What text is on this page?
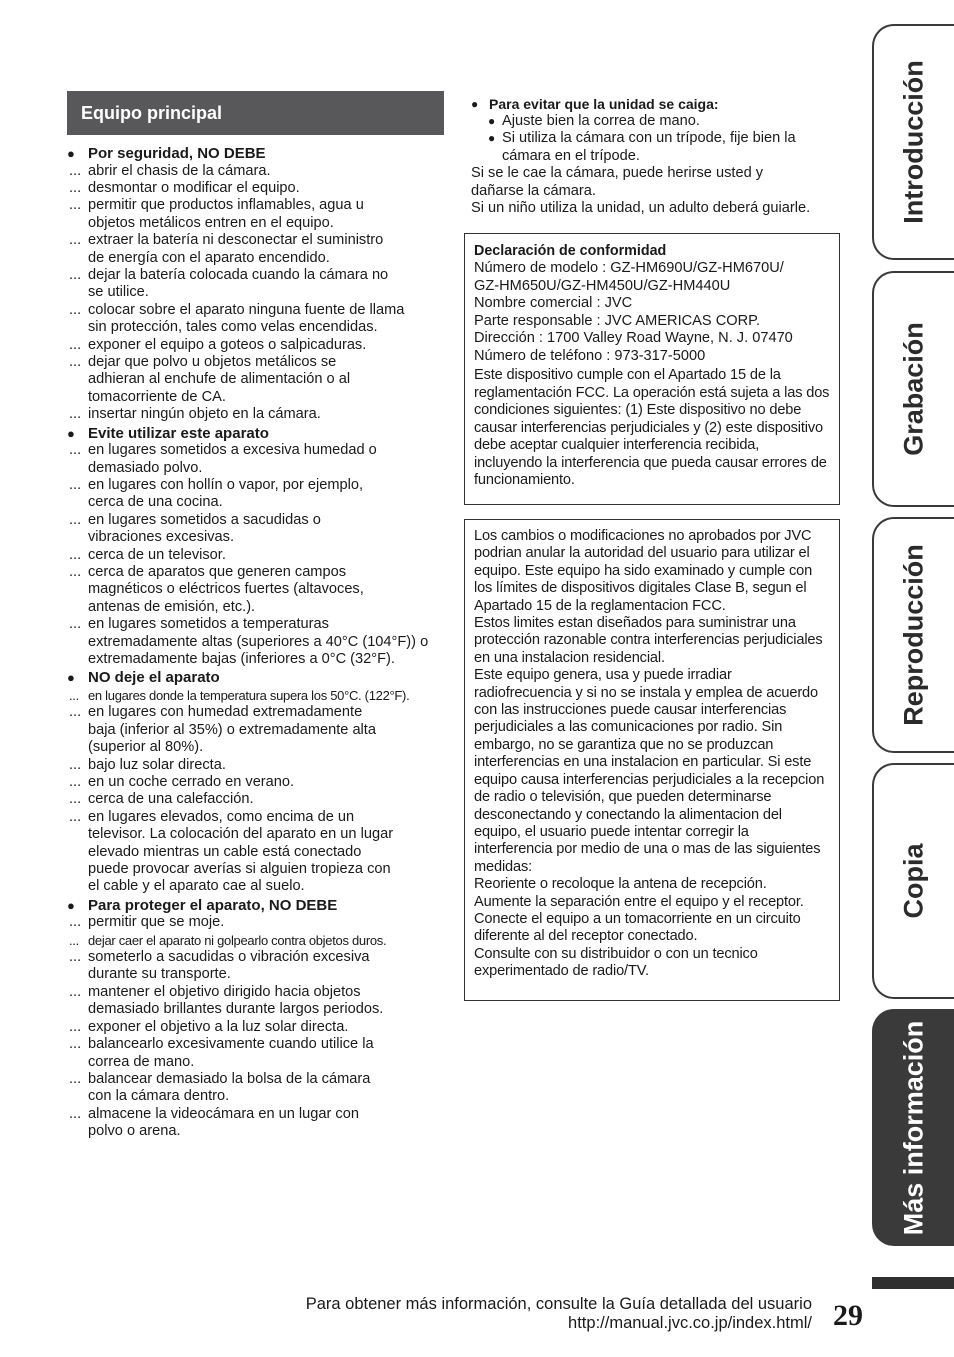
Equipo principal
● Por seguridad, NO DEBE
... abrir el chasis de la cámara.
... desmontar o modificar el equipo.
... permitir que productos inflamables, agua u
objetos metálicos entren en el equipo.
... extraer la batería ni desconectar el suministro
de energía con el aparato encendido.
... dejar la batería colocada cuando la cámara no
se utilice.
... colocar sobre el aparato ninguna fuente de llama
sin protección, tales como velas encendidas.
... exponer el equipo a goteos o salpicaduras.
... dejar que polvo u objetos metálicos se
adhieran al enchufe de alimentación o al
tomacorriente de CA.
... insertar ningún objeto en la cámara.
● Evite utilizar este aparato
... en lugares sometidos a excesiva humedad o
demasiado polvo.
... en lugares con hollín o vapor, por ejemplo,
cerca de una cocina.
... en lugares sometidos a sacudidas o
vibraciones excesivas.
... cerca de un televisor.
... cerca de aparatos que generen campos
magnéticos o eléctricos fuertes (altavoces,
antenas de emisión, etc.).
... en lugares sometidos a temperaturas
extremadamente altas (superiores a 40°C (104°F)) o
extremadamente bajas (inferiores a 0°C (32°F).
● NO deje el aparato
... en lugares donde la temperatura supera los 50°C. (122°F).
... en lugares con humedad extremadamente
baja (inferior al 35%) o extremadamente alta
(superior al 80%).
... bajo luz solar directa.
... en un coche cerrado en verano.
... cerca de una calefacción.
... en lugares elevados, como encima de un
televisor. La colocación del aparato en un lugar
elevado mientras un cable está conectado
puede provocar averías si alguien tropieza con
el cable y el aparato cae al suelo.
● Para proteger el aparato, NO DEBE
... permitir que se moje.
... dejar caer el aparato ni golpearlo contra objetos duros.
... someterlo a sacudidas o vibración excesiva
durante su transporte.
... mantener el objetivo dirigido hacia objetos
demasiado brillantes durante largos periodos.
... exponer el objetivo a la luz solar directa.
... balancearlo excesivamente cuando utilice la
correa de mano.
... balancear demasiado la bolsa de la cámara
con la cámara dentro.
... almacene la videocámara en un lugar con
polvo o arena.
● Para evitar que la unidad se caiga:
● Ajuste bien la correa de mano.
● Si utiliza la cámara con un trípode, fije bien la
cámara en el trípode.
Si se le cae la cámara, puede herirse usted y
dañarse la cámara.
Si un niño utiliza la unidad, un adulto deberá guiarle.
Declaración de conformidad
Número de modelo : GZ-HM690U/GZ-HM670U/
GZ-HM650U/GZ-HM450U/GZ-HM440U
Nombre comercial : JVC
Parte responsable : JVC AMERICAS CORP.
Dirección : 1700 Valley Road Wayne, N. J. 07470
Número de teléfono : 973-317-5000
Este dispositivo cumple con el Apartado 15 de la reglamentación FCC. La operación está sujeta a las dos condiciones siguientes: (1) Este dispositivo no debe causar interferencias perjudiciales y (2) este dispositivo debe aceptar cualquier interferencia recibida, incluyendo la interferencia que pueda causar errores de funcionamiento.
Los cambios o modificaciones no aprobados por JVC podrian anular la autoridad del usuario para utilizar el equipo. Este equipo ha sido examinado y cumple con los límites de dispositivos digitales Clase B, segun el Apartado 15 de la reglamentacion FCC.
Estos limites estan diseñados para suministrar una protección razonable contra interferencias perjudiciales en una instalacion residencial.
Este equipo genera, usa y puede irradiar radiofrecuencia y si no se instala y emplea de acuerdo con las instrucciones puede causar interferencias perjudiciales a las comunicaciones por radio. Sin embargo, no se garantiza que no se produzcan interferencias en una instalacion en particular. Si este equipo causa interferencias perjudiciales a la recepcion de radio o televisión, que pueden determinarse desconectando y conectando la alimentacion del equipo, el usuario puede intentar corregir la interferencia por medio de una o mas de las siguientes medidas:
Reoriente o recoloque la antena de recepción.
Aumente la separación entre el equipo y el receptor. Conecte el equipo a un tomacorriente en un circuito diferente al del receptor conectado.
Consulte con su distribuidor o con un tecnico experimentado de radio/TV.
Introducción
Grabación
Reproducción
Copia
Más información
Para obtener más información, consulte la Guía detallada del usuario
http://manual.jvc.co.jp/index.html/ 29
